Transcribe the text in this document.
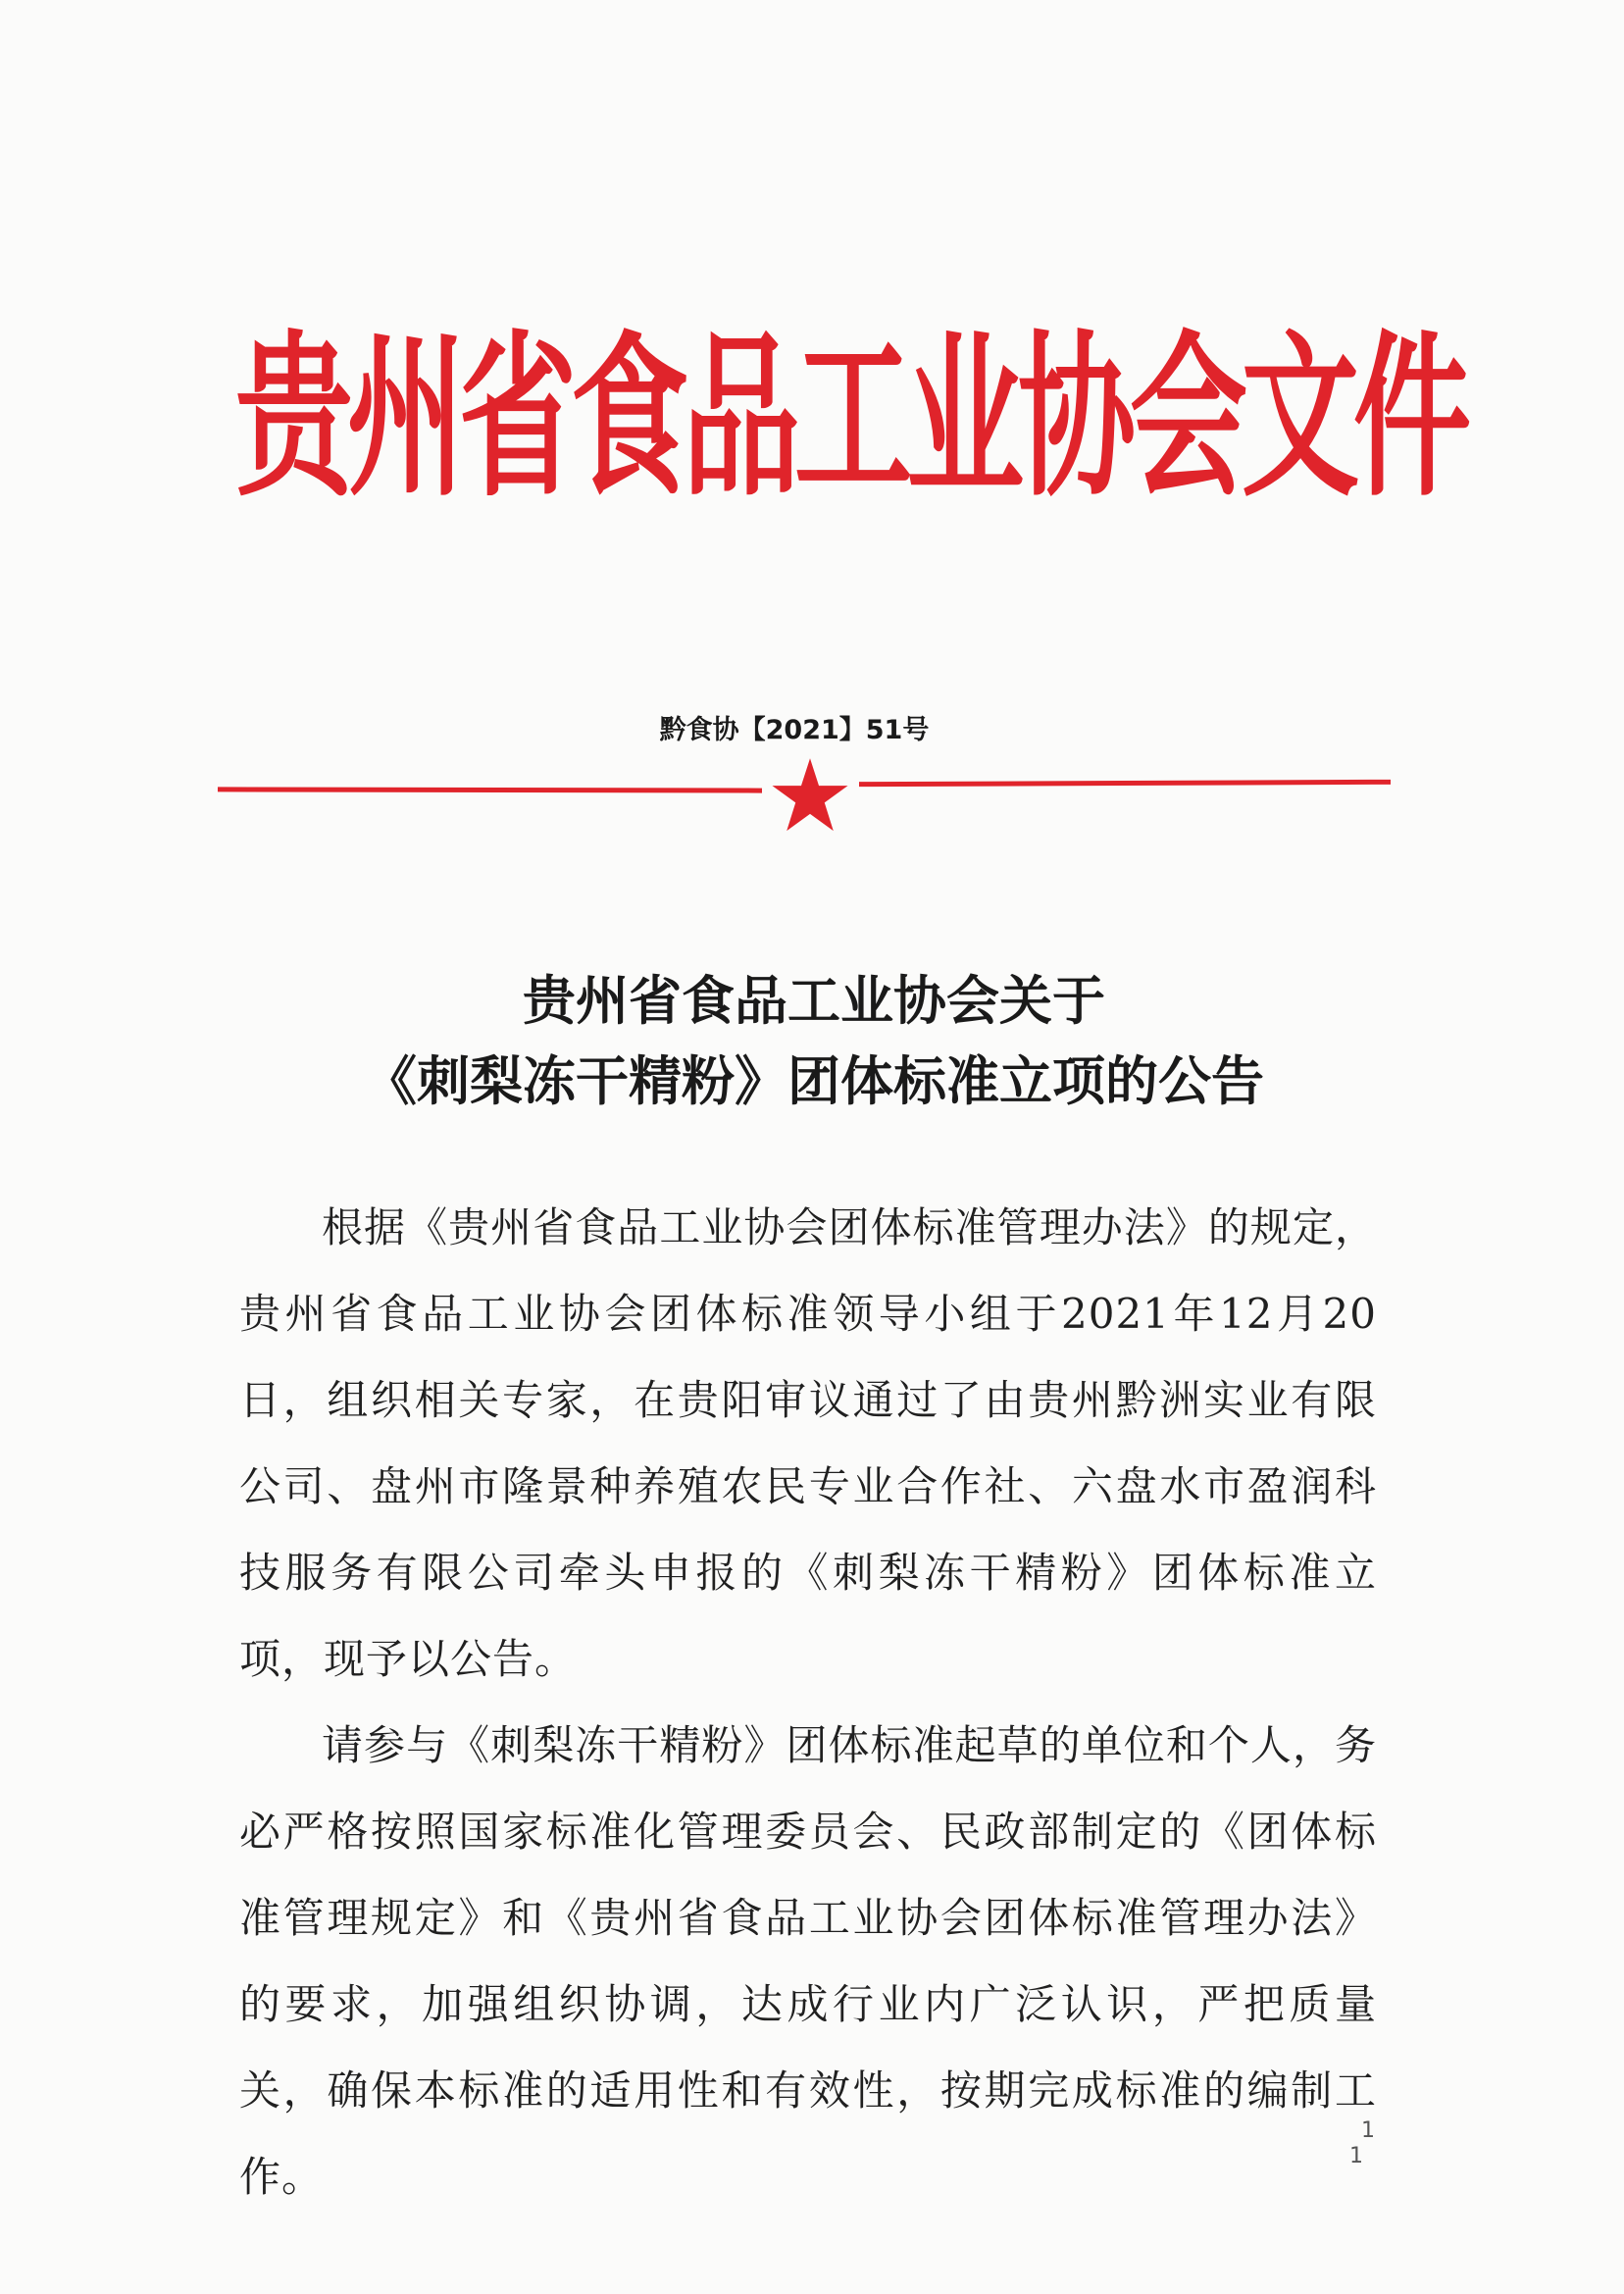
贵州省食品工业协会文件
黔食协【2021】51号
贵州省食品工业协会关于
《刺梨冻干精粉》团体标准立项的公告
根据《贵州省食品工业协会团体标准管理办法》的规定，贵州省食品工业协会团体标准领导小组于2021年12月20日，组织相关专家，在贵阳审议通过了由贵州黔洲实业有限公司、盘州市隆景种养殖农民专业合作社、六盘水市盈润科技服务有限公司牵头申报的《刺梨冻干精粉》团体标准立项，现予以公告。
请参与《刺梨冻干精粉》团体标准起草的单位和个人，务必严格按照国家标准化管理委员会、民政部制定的《团体标准管理规定》和《贵州省食品工业协会团体标准管理办法》的要求，加强组织协调，达成行业内广泛认识，严把质量关，确保本标准的适用性和有效性，按期完成标准的编制工作。
1
1
